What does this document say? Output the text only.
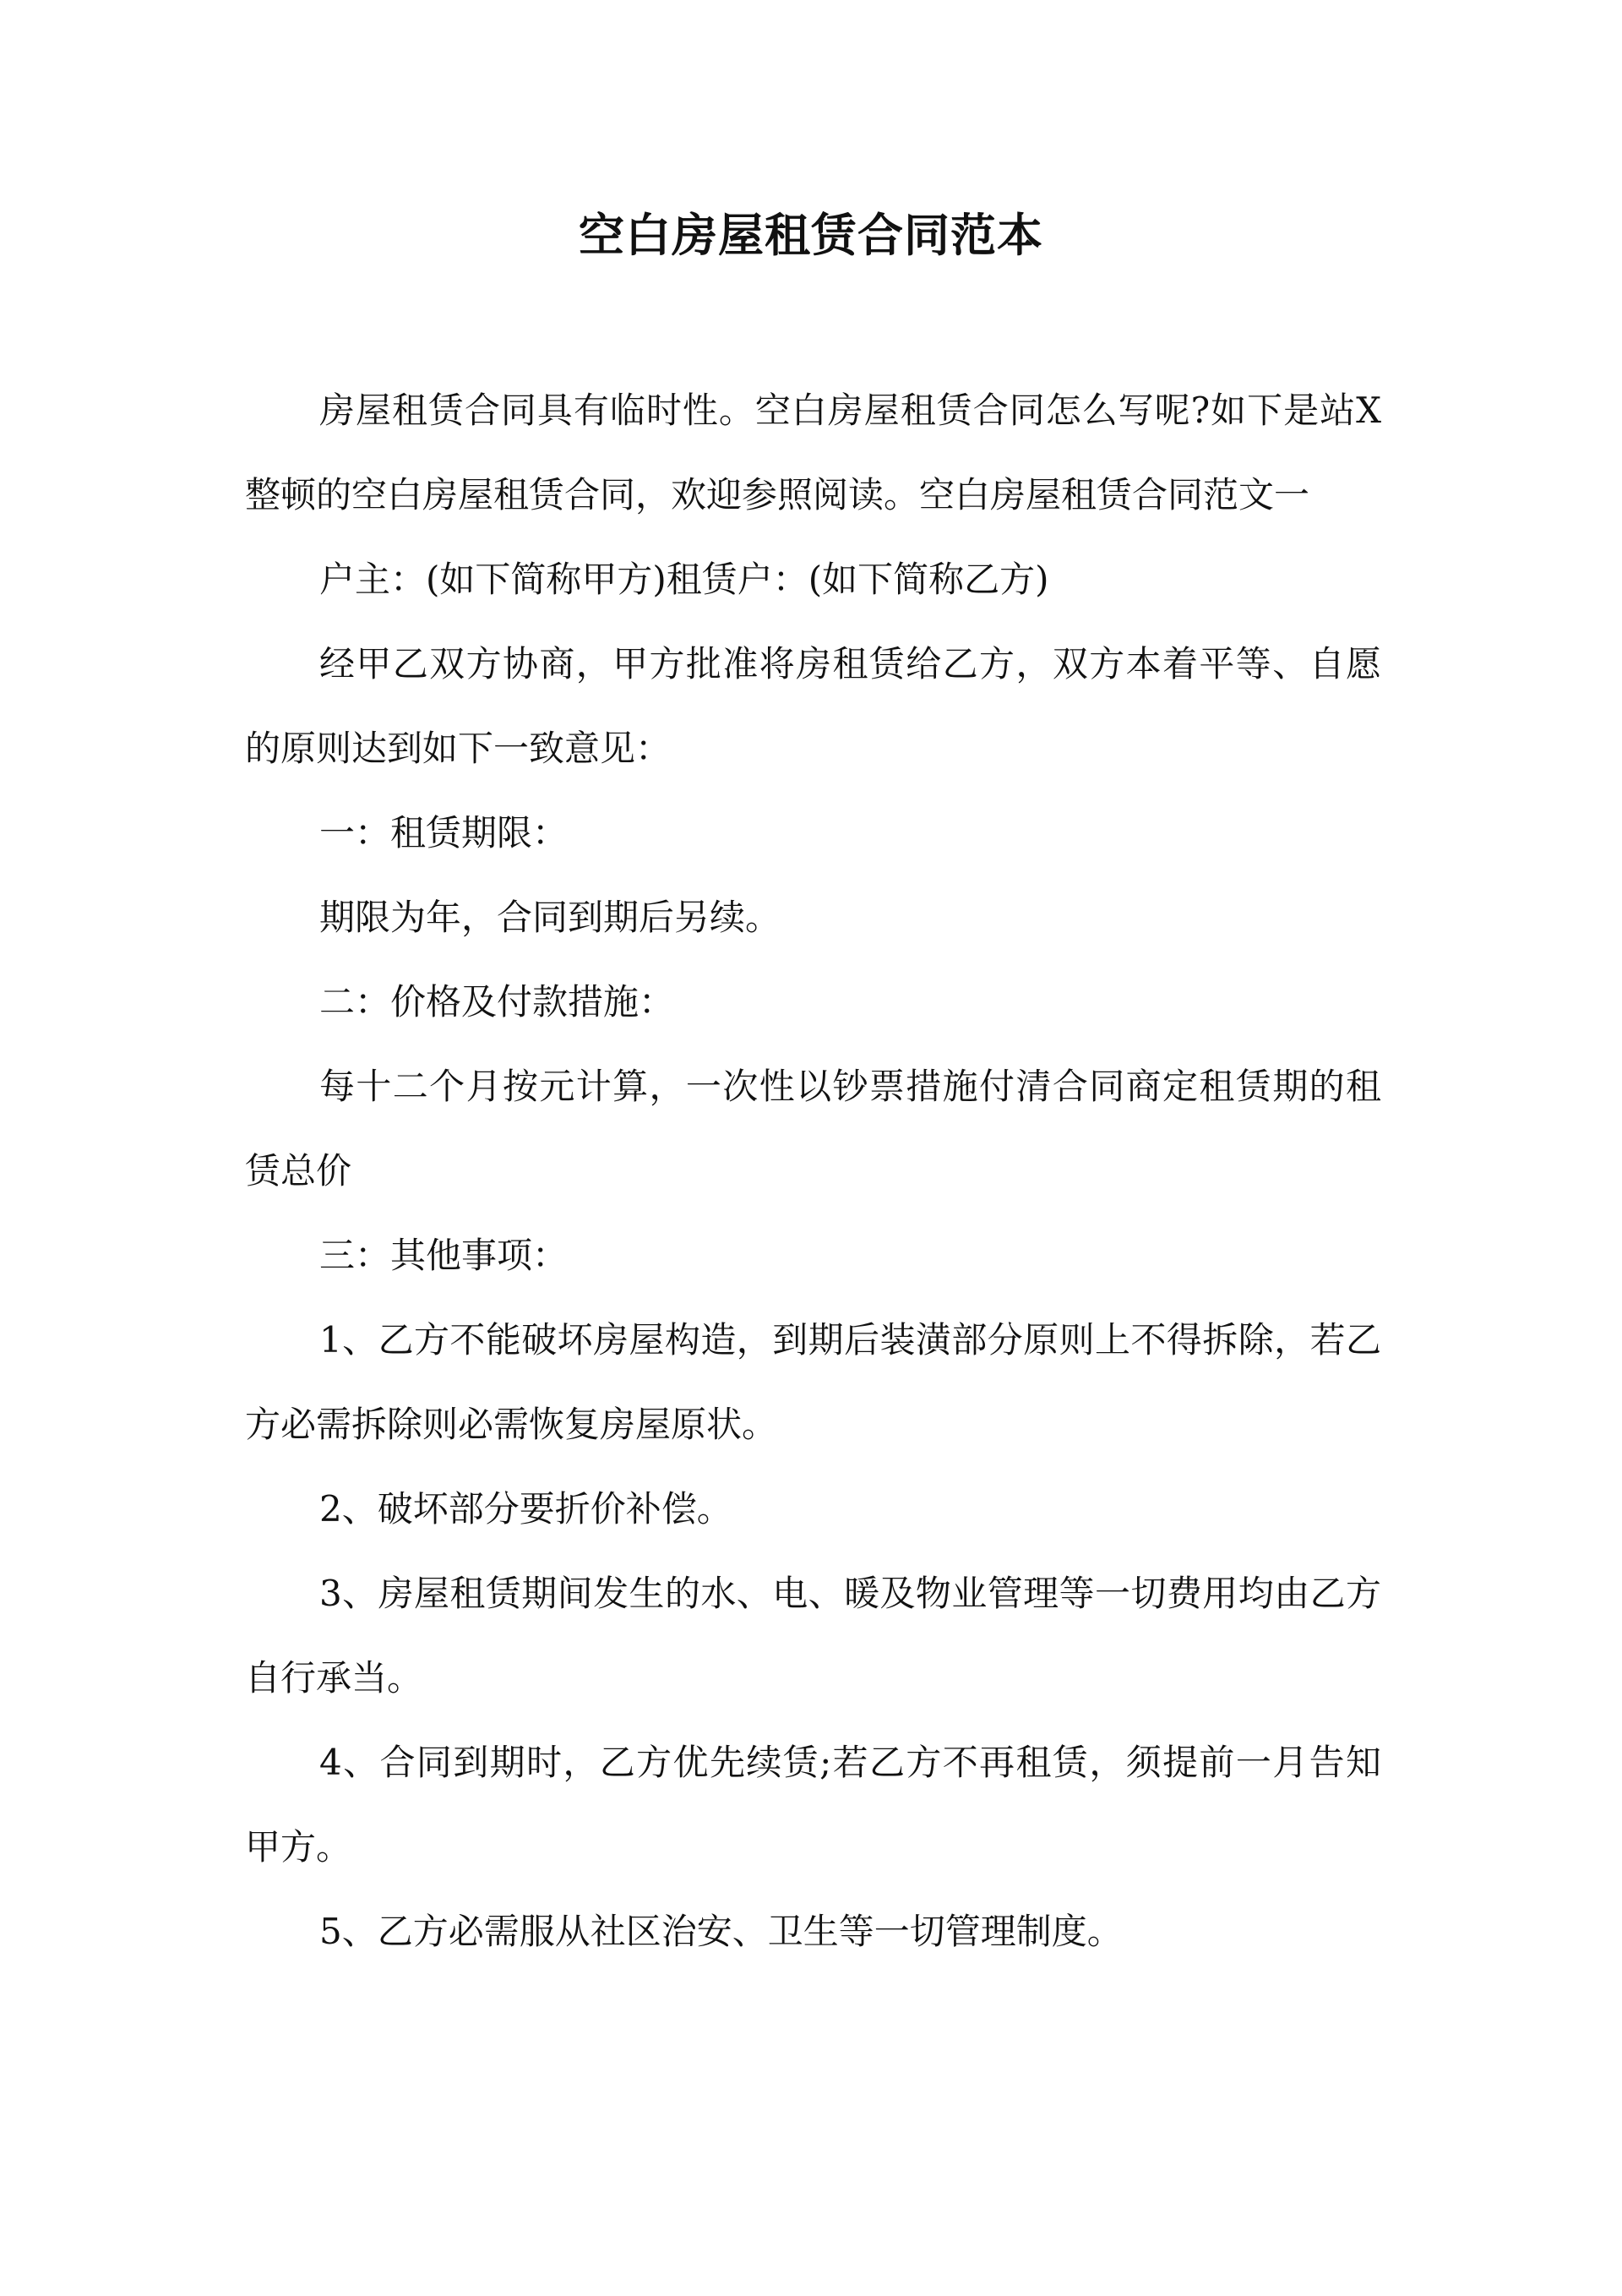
空白房屋租赁合同范本

房屋租赁合同具有临时性。空白房屋租赁合同怎么写呢?如下是站X整顿的空白房屋租赁合同，欢迎参照阅读。空白房屋租赁合同范文一

户主：(如下简称甲方)租赁户：(如下简称乙方)

经甲乙双方协商，甲方批准将房租赁给乙方，双方本着平等、自愿的原则达到如下一致意见：

一：租赁期限：

期限为年，合同到期后另续。

二：价格及付款措施：

每十二个月按元计算，一次性以钞票措施付清合同商定租赁期的租赁总价

三：其他事项：

1、乙方不能破坏房屋构造，到期后装潢部分原则上不得拆除，若乙方必需拆除则必需恢复房屋原状。

2、破坏部分要折价补偿。

3、房屋租赁期间发生的水、电、暖及物业管理等一切费用均由乙方自行承当。

4、合同到期时，乙方优先续赁;若乙方不再租赁，须提前一月告知甲方。

5、乙方必需服从社区治安、卫生等一切管理制度。
